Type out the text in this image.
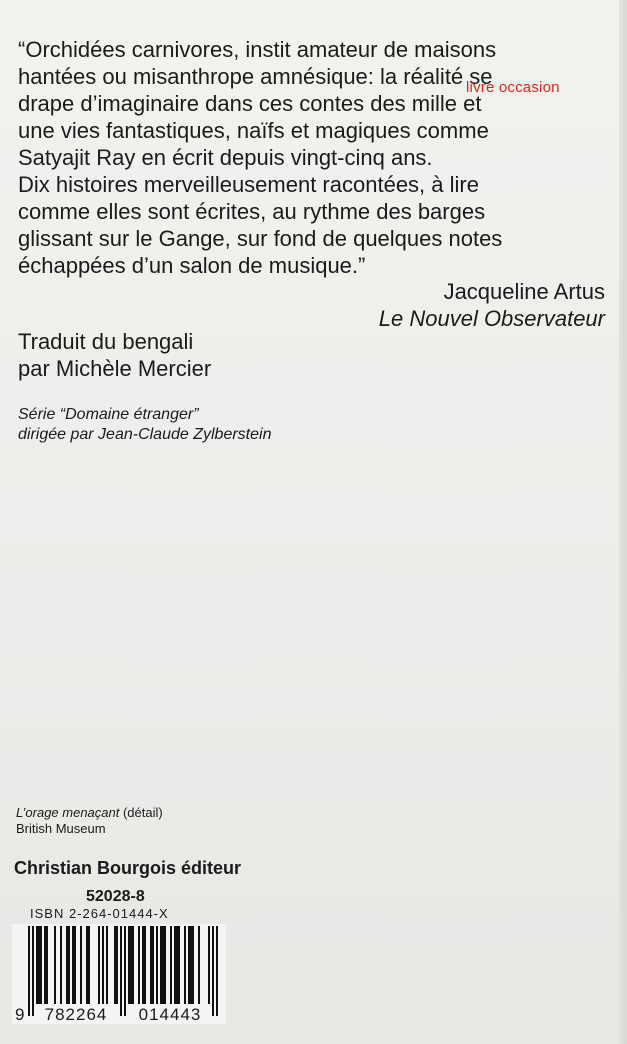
“Orchidées carnivores, instit amateur de maisons
hantées ou misanthrope amnésique: la réalité se
drape d’imaginaire dans ces contes des mille et
une vies fantastiques, naïfs et magiques comme
Satyajit Ray en écrit depuis vingt-cinq ans.
Dix histoires merveilleusement racontées, à lire
comme elles sont écrites, au rythme des barges
glissant sur le Gange, sur fond de quelques notes
échappées d’un salon de musique.”
livre occasion
Jacqueline Artus
Le Nouvel Observateur
Traduit du bengali
par Michèle Mercier
Série “Domaine étranger”
dirigée par Jean-Claude Zylberstein
L’orage menaçant (détail)
British Museum
Christian Bourgois éditeur
52028-8
ISBN 2-264-01444-X
9 782264 014443
